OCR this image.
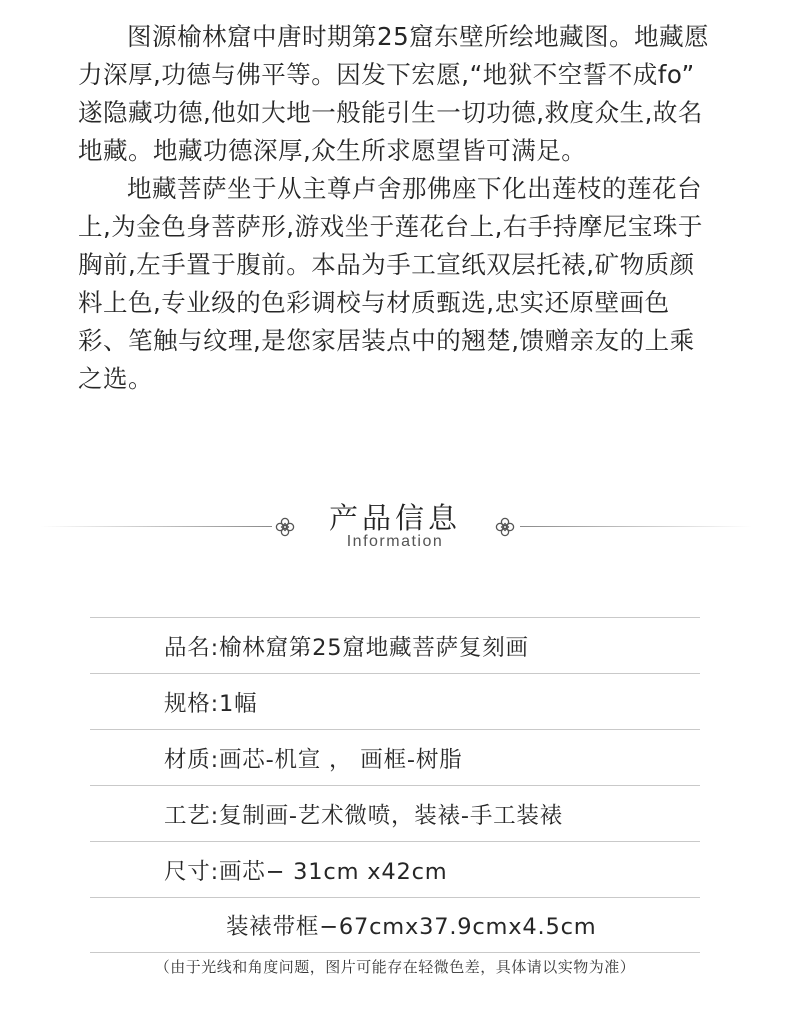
图源榆林窟中唐时期第25窟东壁所绘地藏图。地藏愿力深厚,功德与佛平等。因发下宏愿,“地狱不空誓不成fo” 遂隐藏功德,他如大地一般能引生一切功德,救度众生,故名地藏。地藏功德深厚,众生所求愿望皆可满足。

地藏菩萨坐于从主尊卢舍那佛座下化出莲枝的莲花台上,为金色身菩萨形,游戏坐于莲花台上,右手持摩尼宝珠于胸前,左手置于腹前。本品为手工宣纸双层托裱,矿物质颜料上色,专业级的色彩调校与材质甄选,忠实还原壁画色彩、笔触与纹理,是您家居装点中的翘楚,馈赠亲友的上乘之选。

产品信息
Information
品名:榆林窟第25窟地藏菩萨复刻画
规格:1幅
材质:画芯-机宣 ， 画框-树脂
工艺:复制画-艺术微喷，装裱-手工装裱
尺寸:画芯− 31cm x42cm
装裱带框−67cmx37.9cmx4.5cm
（由于光线和角度问题，图片可能存在轻微色差，具体请以实物为准）
